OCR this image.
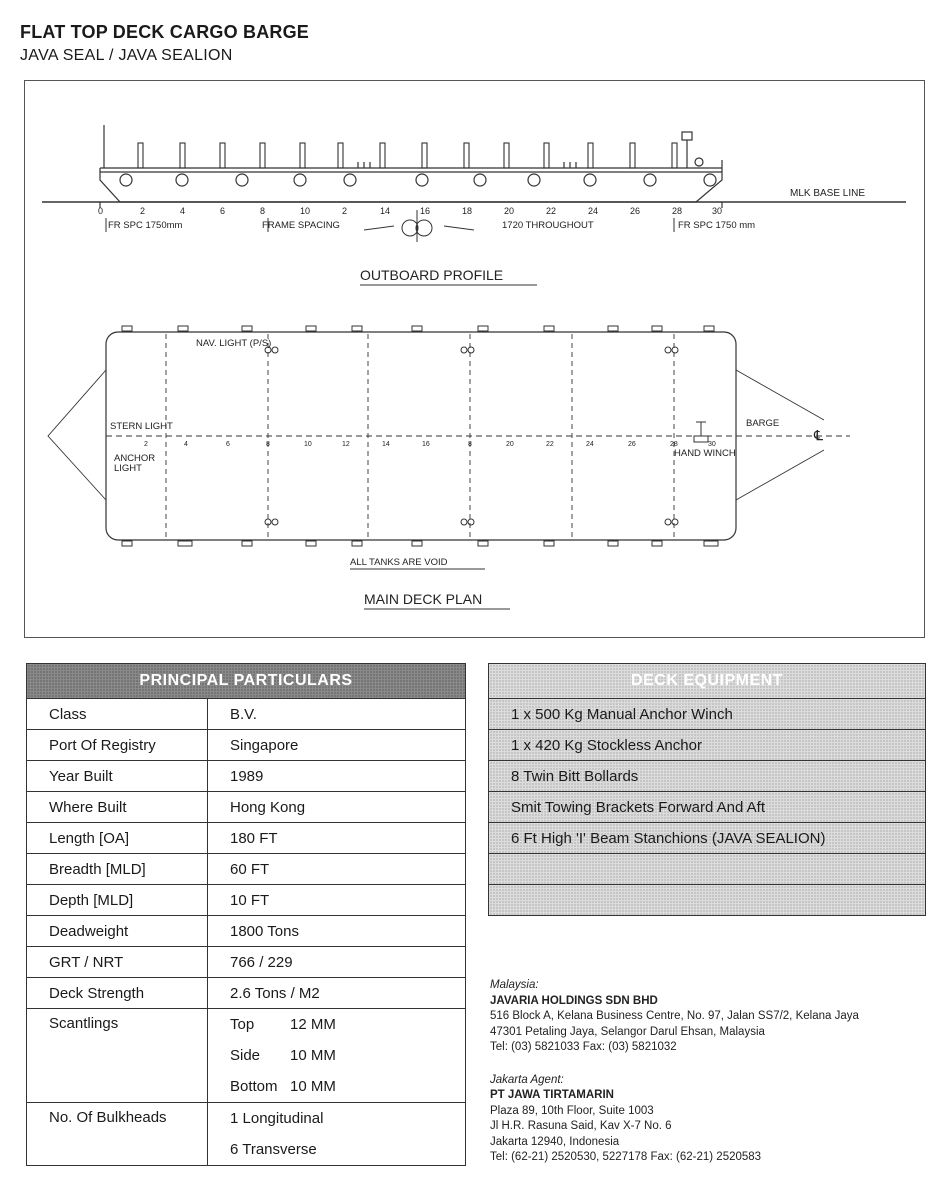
FLAT TOP DECK CARGO BARGE
JAVA SEAL / JAVA SEALION
MLK BASE LINE
0	2	4	6	8	10	2	14	16	18	20	22	24	26	28	30
FR SPC 1750mm	FRAME SPACING	1720 THROUGHOUT	FR SPC 1750 mm
OUTBOARD PROFILE
2	4	6	8	10	12	14	16	8	20	22	24	26	28	30
NAV. LIGHT (P/S)
STERN LIGHT
ANCHOR
LIGHT
BARGE
℄
HAND WINCH
ALL TANKS ARE VOID
MAIN DECK PLAN
PRINCIPAL PARTICULARS	
Class	B.V.
Port Of Registry	Singapore
Year Built	1989
Where Built	Hong Kong
Length [OA]	180 FT
Breadth [MLD]	60 FT
Depth [MLD]	10 FT
Deadweight	1800 Tons
GRT / NRT	766 / 229
Deck Strength	2.6 Tons / M2
Scantlings	Top 12 MM
Side 10 MM
Bottom 10 MM

No. Of Bulkheads	1 Longitudinal
6 Transverse
DECK EQUIPMENT
1 x 500 Kg Manual Anchor Winch
1 x 420 Kg Stockless Anchor
8 Twin Bitt Bollards
Smit Towing Brackets Forward And Aft
6 Ft High 'I' Beam Stanchions (JAVA SEALION)

Malaysia:
JAVARIA HOLDINGS SDN BHD
516 Block A, Kelana Business Centre, No. 97, Jalan SS7/2, Kelana Jaya
47301 Petaling Jaya, Selangor Darul Ehsan, Malaysia
Tel: (03) 5821033 Fax: (03) 5821032
Jakarta Agent:
PT JAWA TIRTAMARIN
Plaza 89, 10th Floor, Suite 1003
Jl H.R. Rasuna Said, Kav X-7 No. 6
Jakarta 12940, Indonesia
Tel: (62-21) 2520530, 5227178 Fax: (62-21) 2520583
